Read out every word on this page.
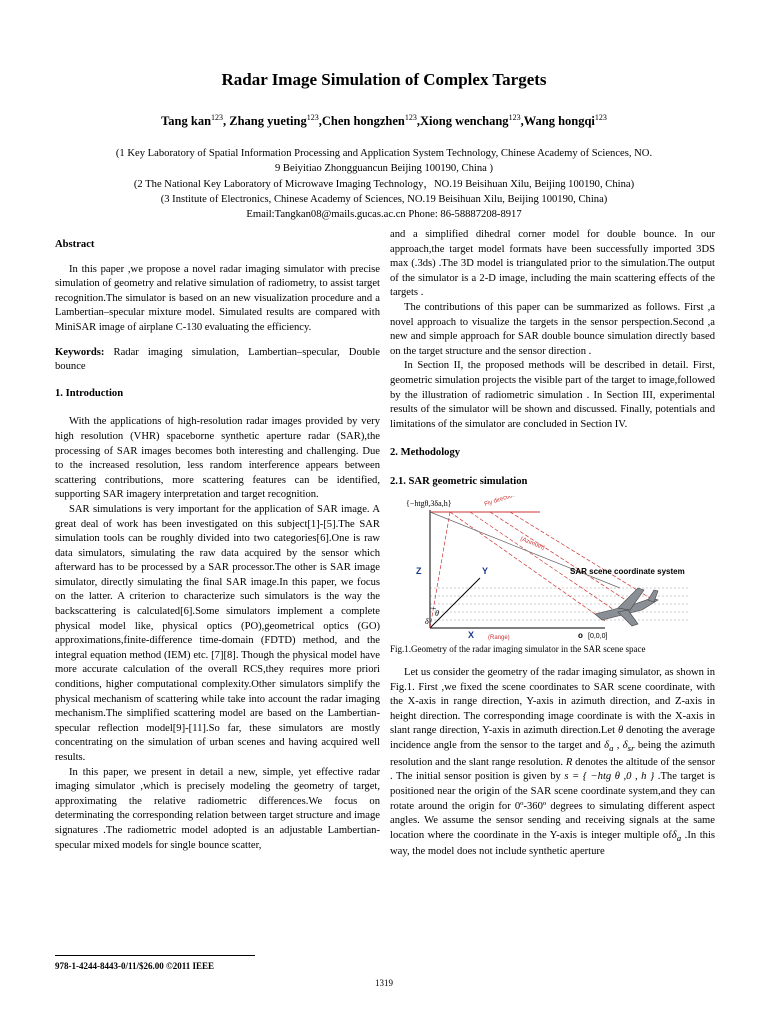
Radar Image Simulation of Complex Targets
Tang kan$^{123}$, Zhang yueting$^{123}$,Chen hongzhen$^{123}$,Xiong wenchang$^{123}$,Wang hongqi$^{123}$
(1 Key Laboratory of Spatial Information Processing and Application System Technology, Chinese Academy of Sciences, NO.
9 Beiyitiao Zhongguancun Beijing 100190, China )
(2 The National Key Laboratory of Microwave Imaging Technology，NO.19 Beisihuan Xilu, Beijing 100190, China)
(3 Institute of Electronics, Chinese Academy of Sciences, NO.19 Beisihuan Xilu, Beijing 100190, China)
Email:Tangkan08@mails.gucas.ac.cn Phone: 86-58887208-8917

Abstract

In this paper ,we propose a novel radar imaging simulator with precise simulation of geometry and relative simulation of radiometry, to assist target recognition.The simulator is based on an new visualization procedure and a Lambertian–specular mixture model. Simulated results are compared with MiniSAR image of airplane C-130 evaluating the efficiency.

Keywords: Radar imaging simulation, Lambertian–specular, Double bounce

1. Introduction

With the applications of high-resolution radar images provided by very high resolution (VHR) spaceborne synthetic aperture radar (SAR),the processing of SAR images becomes both interesting and challenging. Due to the increased resolution, less random interference appears between scattering contributions, more scattering features can be identified, supporting SAR imagery interpretation and target recognition.

SAR simulations is very important for the application of SAR image. A great deal of work has been investigated on this subject[1]-[5].The SAR simulation tools can be roughly divided into two categories[6].One is raw data simulators, simulating the raw data acquired by the sensor which afterward has to be processed by a SAR processor.The other is SAR image simulator, directly simulating the final SAR image.In this paper, we focus on the latter. A criterion to characterize such simulators is the way the backscattering is calculated[6].Some simulators implement a complete physical model like, physical optics (PO),geometrical optics (GO) approximations,finite-difference time-domain (FDTD) method, and the integral equation method (IEM) etc. [7][8]. Though the physical model have more accurate calculation of the overall RCS,they requires more priori conditions, higher computational complexity.Other simulators simplify the physical mechanism of scattering while take into account the radar imaging mechanism.The simplified scattering model are based on the Lambertian-specular reflection model[9]-[11].So far, these simulators are mostly concentrating on the simulation of urban scenes and having acquired well results.

In this paper, we present in detail a new, simple, yet effective radar imaging simulator ,which is precisely modeling the geometry of target, approximating the relative radiometric differences.We focus on determinating the corresponding relation between target structure and image signatures .The radiometric model adopted is an adjustable Lambertian-specular mixed models for single bounce scatter,

and a simplified dihedral corner model for double bounce. In our approach,the target model formats have been successfully imported 3DS max (.3ds) .The 3D model is triangulated prior to the simulation.The output of the simulator is a 2-D image, including the main scattering effects of the targets .

The contributions of this paper can be summarized as follows. First ,a novel approach to visualize the targets in the sensor perspection.Second ,a new and simple approach for SAR double bounce simulation directly based on the target structure and the sensor direction .

In Section II, the proposed methods will be described in detail. First, geometric simulation projects the visible part of the target to image,followed by the illustration of radiometric simulation . In Section III, experimental results of the simulator will be shown and discussed. Finally, potentials and limitations of the simulator are concluded in Section IV.

2. Methodology

2.1. SAR geometric simulation

θ
δ
{−htgθ,3δa,h}	Fly direction
(Azimuth)
Z	Y	SAR scene coordinate system
X (Range)	o [0,0,0]

Fig.1.Geometry of the radar imaging simulator in the SAR scene space

Let us consider the geometry of the radar imaging simulator, as shown in Fig.1. First ,we fixed the scene coordinates to SAR scene coordinate, with the X-axis in range direction, Y-axis in azimuth direction, and Z-axis in height direction. The corresponding image coordinate is with the X-axis in slant range direction, Y-axis in azimuth direction.Let θ denoting the average incidence angle from the sensor to the target and $\delta_a$ , $\delta_{sr}$ being the azimuth resolution and the slant range resolution. R denotes the altitude of the sensor . The initial sensor position is given by s = { −htg θ ,0 , h } .The target is positioned near the origin of the SAR scene coordinate system,and they can rotate around the origin for 0º-360º degrees to simulating different aspect angles. We assume the sensor sending and receiving signals at the same location where the coordinate in the Y-axis is integer multiple ofδ$_a$ .In this way, the model does not include synthetic aperture

978-1-4244-8443-0/11/$26.00 ©2011 IEEE
1319
